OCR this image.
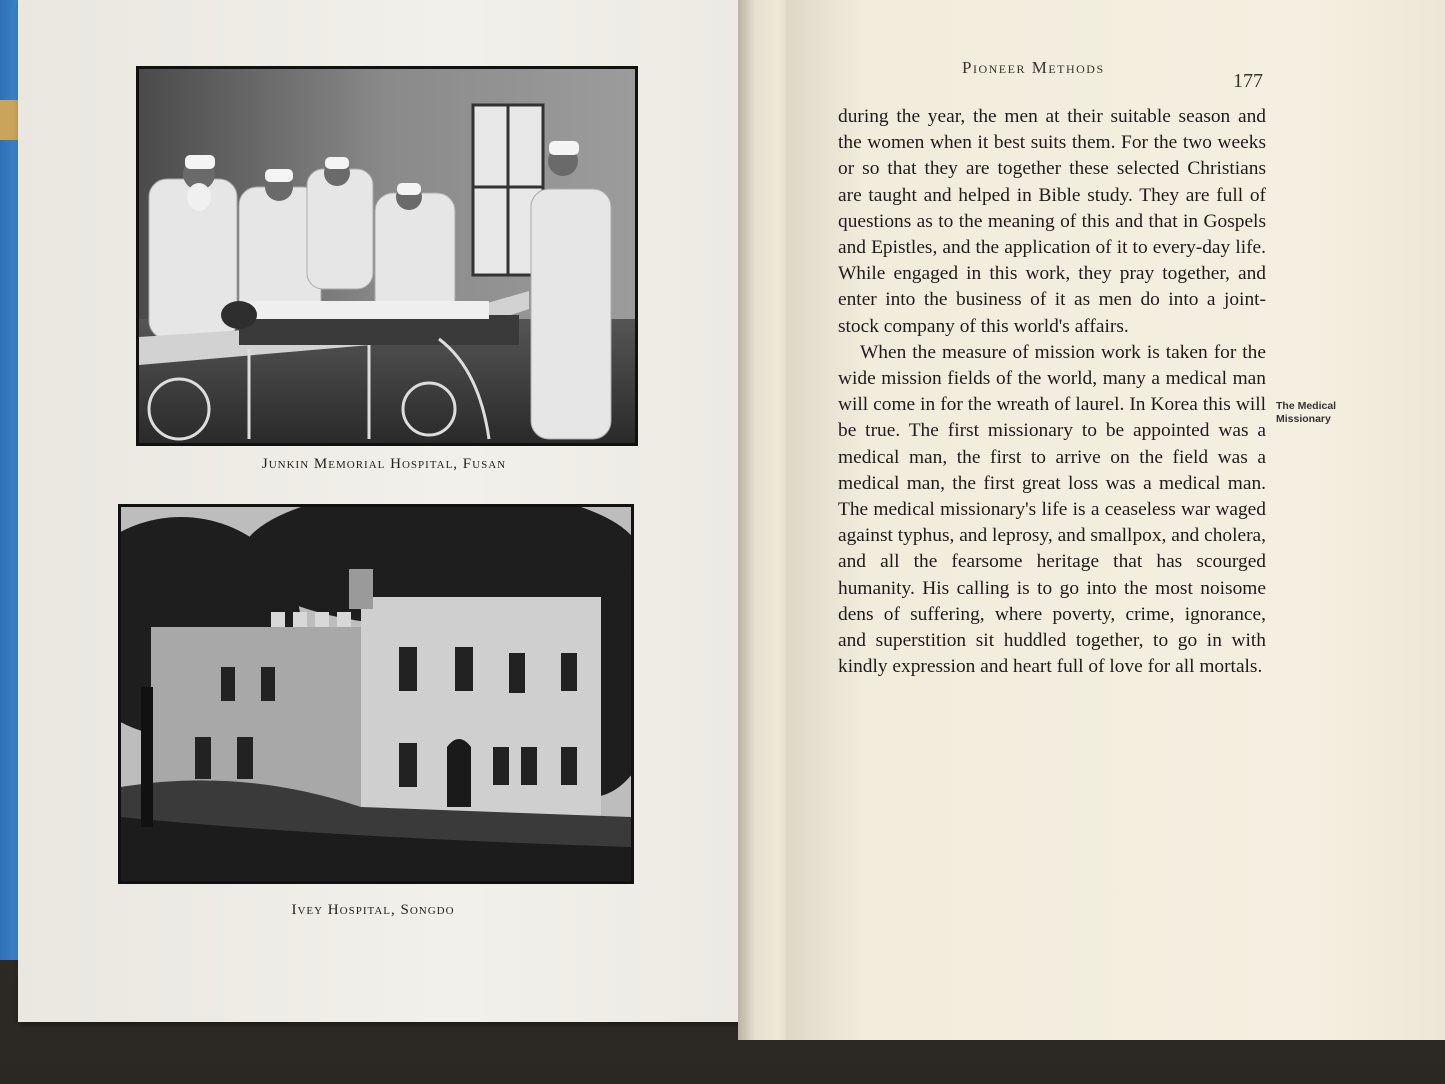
Junkin Memorial Hospital, Fusan
Ivey Hospital, Songdo
Pioneer Methods
177

during the year, the men at their suitable season and the women when it best suits them. For the two weeks or so that they are together these selected Christians are taught and helped in Bible study. They are full of questions as to the meaning of this and that in Gospels and Epistles, and the application of it to every-day life. While engaged in this work, they pray together, and enter into the business of it as men do into a joint-stock company of this world's affairs.

When the measure of mission work is taken for the wide mission fields of the world, many a medical man will come in for the wreath of laurel. In Korea this will be true. The first missionary to be appointed was a medical man, the first to arrive on the field was a medical man, the first great loss was a medical man. The medical missionary's life is a ceaseless war waged against typhus, and leprosy, and smallpox, and cholera, and all the fearsome heritage that has scourged humanity. His calling is to go into the most noisome dens of suffering, where poverty, crime, ignorance, and superstition sit huddled together, to go in with kindly expression and heart full of love for all mortals.

The Medical Missionary
